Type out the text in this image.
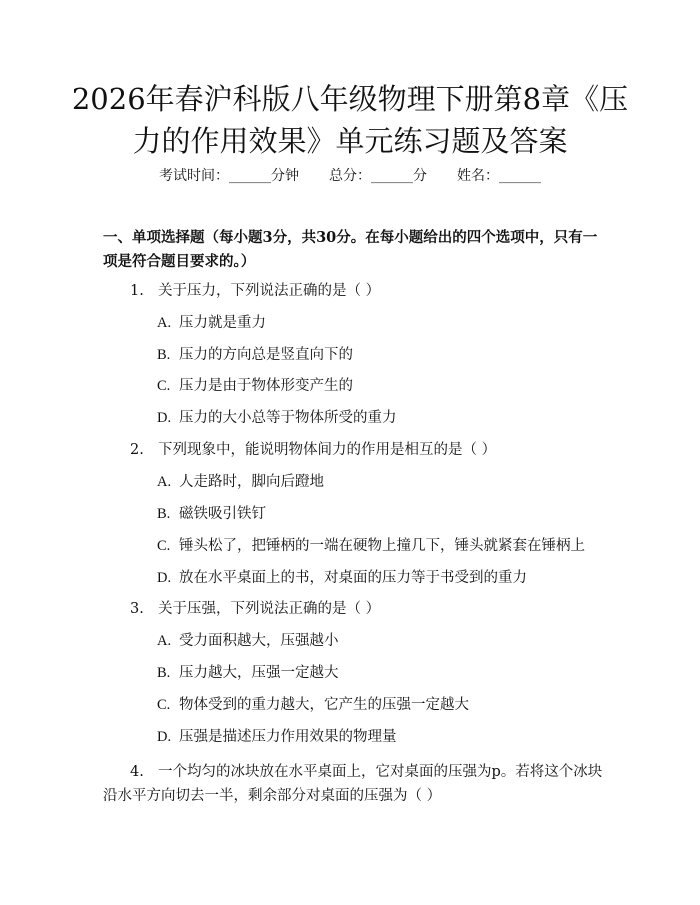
2026年春沪科版八年级物理下册第8章《压力的作用效果》单元练习题及答案
考试时间：______分钟 总分：______分 姓名：______
一、单项选择题（每小题3分，共30分。在每小题给出的四个选项中，只有一项是符合题目要求的。）
1. 关于压力，下列说法正确的是（ ）
A. 压力就是重力
B. 压力的方向总是竖直向下的
C. 压力是由于物体形变产生的
D. 压力的大小总等于物体所受的重力
2. 下列现象中，能说明物体间力的作用是相互的是（ ）
A. 人走路时，脚向后蹬地
B. 磁铁吸引铁钉
C. 锤头松了，把锤柄的一端在硬物上撞几下，锤头就紧套在锤柄上
D. 放在水平桌面上的书，对桌面的压力等于书受到的重力
3. 关于压强，下列说法正确的是（ ）
A. 受力面积越大，压强越小
B. 压力越大，压强一定越大
C. 物体受到的重力越大，它产生的压强一定越大
D. 压强是描述压力作用效果的物理量
4. 一个均匀的冰块放在水平桌面上，它对桌面的压强为p。若将这个冰块沿水平方向切去一半，剩余部分对桌面的压强为（ ）
